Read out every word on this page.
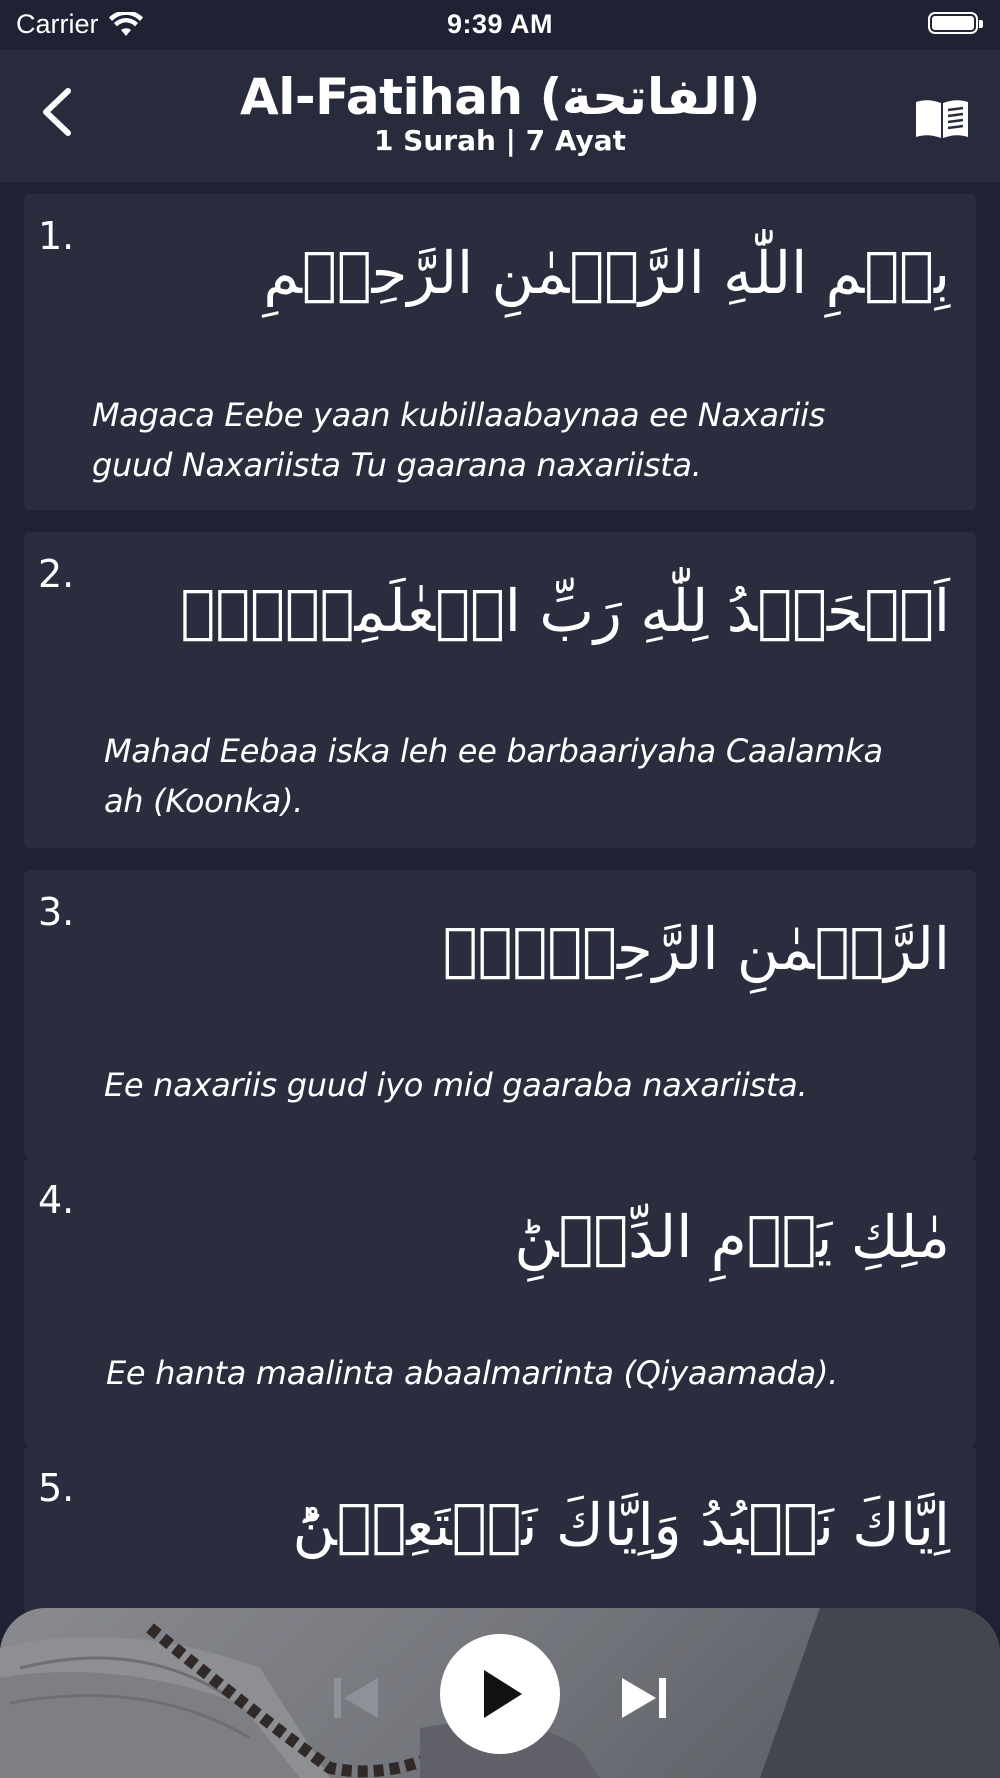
Carrier	9:39 AM
Al-Fatihah (الفاتحة)
1 Surah | 7 Ayat
1.
بِسۡمِ اللّٰهِ الرَّحۡمٰنِ الرَّحِيۡمِ
Magaca Eebe yaan kubillaabaynaa ee Naxariis
guud Naxariista Tu gaarana naxariista.
2.
اَلۡحَمۡدُ لِلّٰهِ رَبِّ الۡعٰلَمِيۡنَۙ
Mahad Eebaa iska leh ee barbaariyaha Caalamka
ah (Koonka).
3.
الرَّحۡمٰنِ الرَّحِيۡمِۙ
Ee naxariis guud iyo mid gaaraba naxariista.
4.
مٰلِكِ يَوۡمِ الدِّيۡنِؕ
Ee hanta maalinta abaalmarinta (Qiyaamada).
5.
اِيَّاكَ نَعۡبُدُ وَاِيَّاكَ نَسۡتَعِيۡنُؕ
